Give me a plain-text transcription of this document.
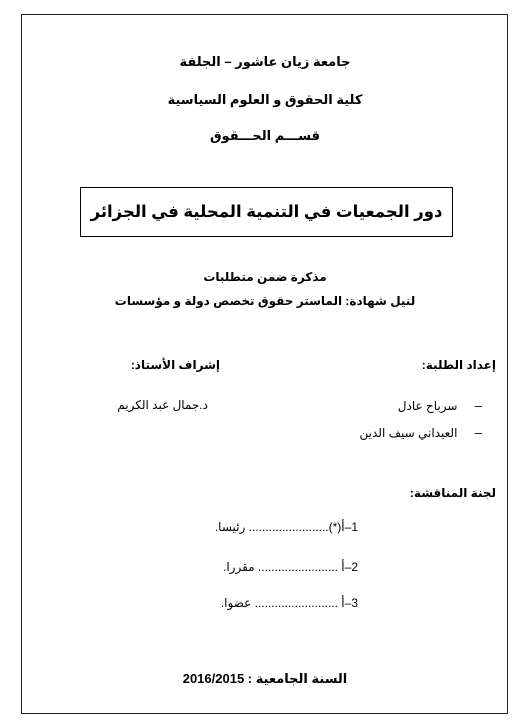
جامعة زيان عاشور – الجلفة
كلية الحقوق و العلوم السياسية
قســـم الحـــقوق
دور الجمعيات في التنمية المحلية في الجزائر
مذكرة ضمن متطلبات
لنيل شهادة: الماستر حقوق تخصص دولة و مؤسسات
إعداد الطلبة:
– سرباح عادل
– العيداني سيف الدين
إشراف الأستاذ:
د.جمال عبد الكريم
لجنة المناقشة:
1–أ(*)........................ رئيسا.
2–أ ........................ مقررا.
3–أ ......................... عضوا.
السنة الجامعية : 2016/2015
